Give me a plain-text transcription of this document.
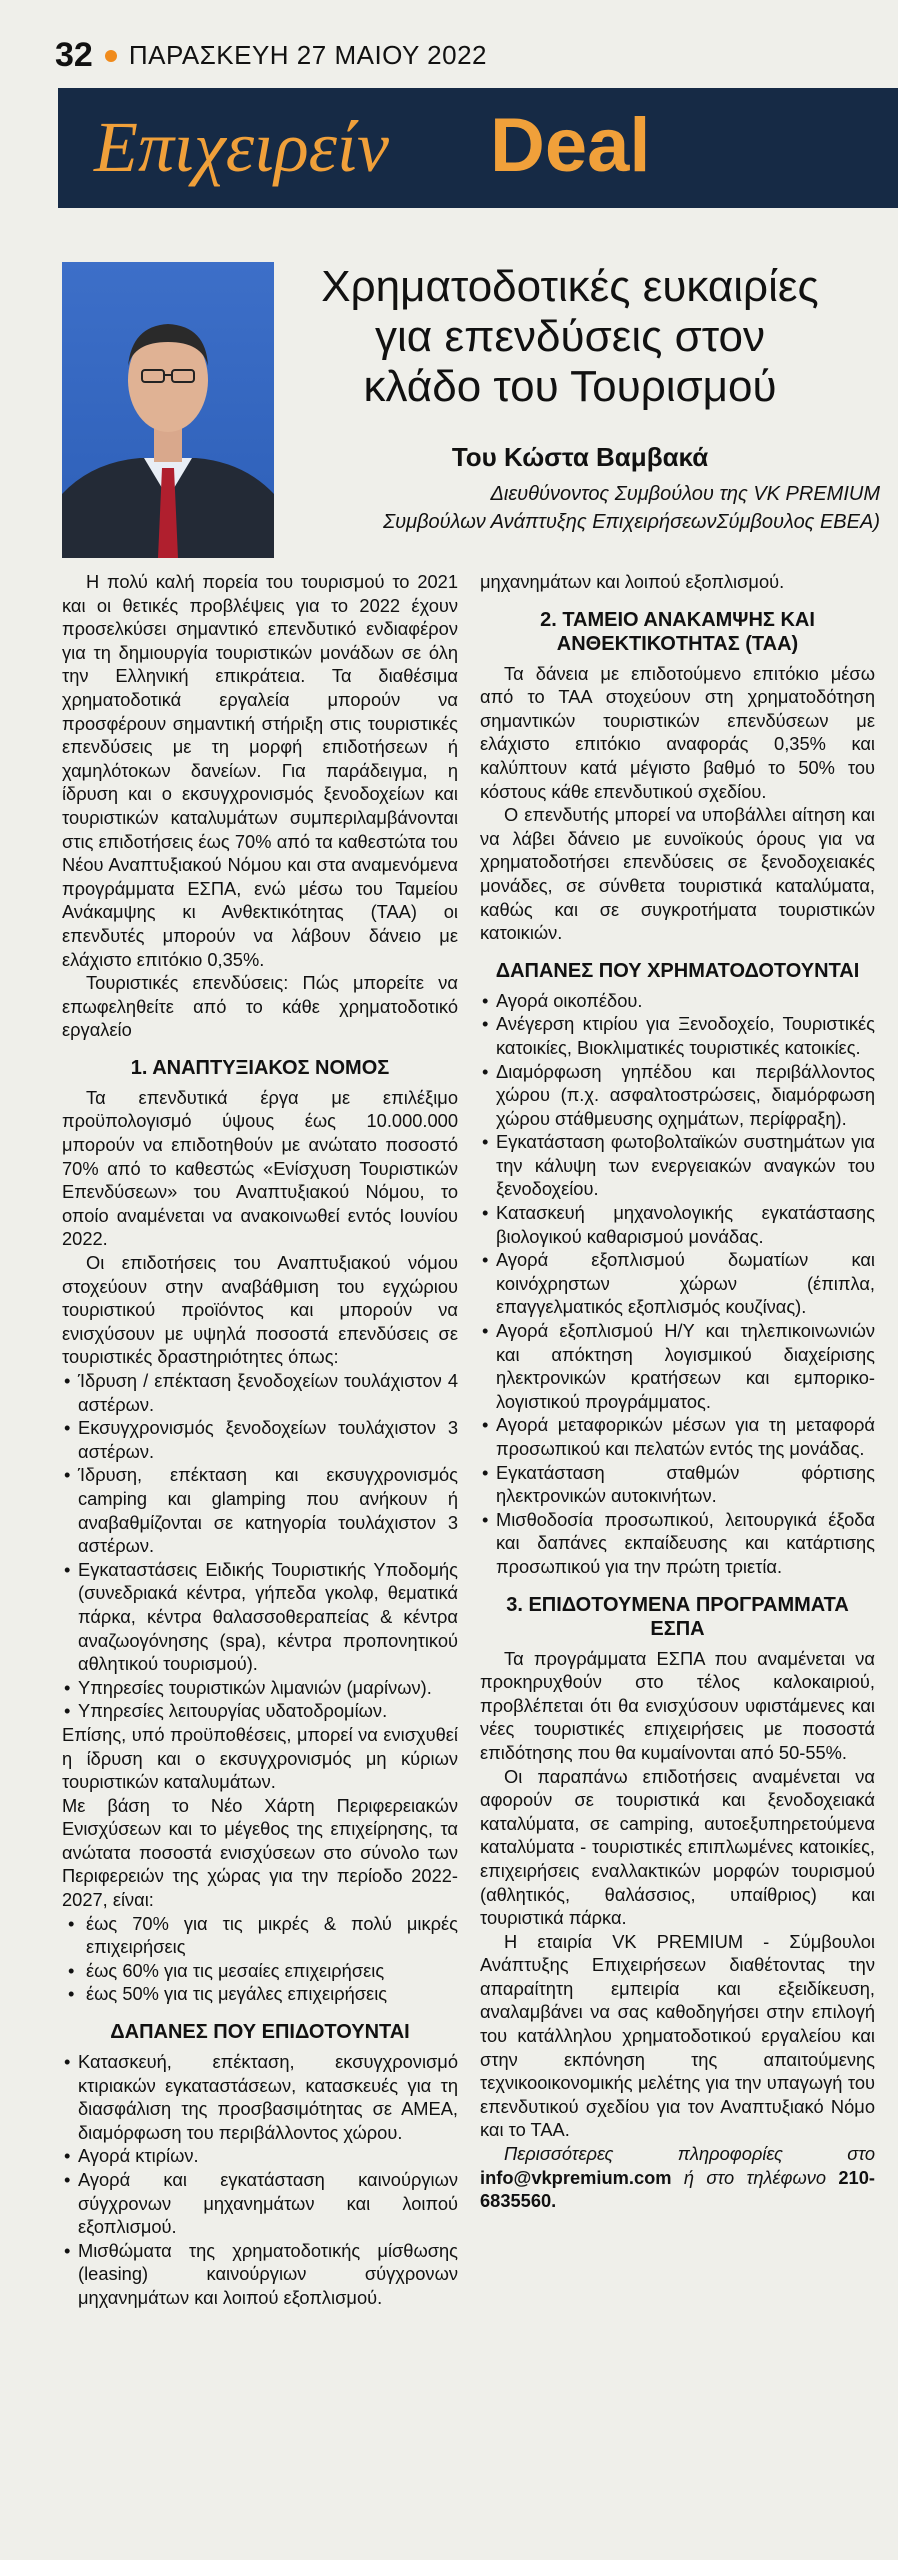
32 ΠΑΡΑΣΚΕΥΗ 27 ΜΑΙΟΥ 2022
Επιχειρείν Deal
Χρηματοδοτικές ευκαιρίες
για επενδύσεις στον
κλάδο του Τουρισμού
Του Κώστα Βαμβακά
Διευθύνοντος Συμβούλου της VK PREMIUM
Συμβούλων Ανάπτυξης ΕπιχειρήσεωνΣύμβουλος ΕΒΕΑ)

Η πολύ καλή πορεία του τουρισμού το 2021 και οι θετικές προβλέψεις για το 2022 έχουν προσελκύσει σημαντικό επενδυτικό ενδιαφέρον για τη δημιουργία τουριστικών μονάδων σε όλη την Ελληνική επικράτεια. Τα διαθέσιμα χρηματοδοτικά εργαλεία μπορούν να προσφέρουν σημαντική στήριξη στις τουριστικές επενδύσεις με τη μορφή επιδοτήσεων ή χαμηλότοκων δανείων. Για παράδειγμα, η ίδρυση και ο εκσυγχρονισμός ξενοδοχείων και τουριστικών καταλυμάτων συμπεριλαμβάνονται στις επιδοτήσεις έως 70% από τα καθεστώτα του Νέου Αναπτυξιακού Νόμου και στα αναμενόμενα προγράμματα ΕΣΠΑ, ενώ μέσω του Ταμείου Ανάκαμψης κι Ανθεκτικότητας (ΤΑΑ) οι επενδυτές μπορούν να λάβουν δάνειο με ελάχιστο επιτόκιο 0,35%.

Τουριστικές επενδύσεις: Πώς μπορείτε να επωφεληθείτε από το κάθε χρηματοδοτικό εργαλείο

1. ΑΝΑΠΤΥΞΙΑΚΟΣ ΝΟΜΟΣ

Τα επενδυτικά έργα με επιλέξιμο προϋπολογισμό ύψους έως 10.000.000 μπορούν να επιδοτηθούν με ανώτατο ποσοστό 70% από το καθεστώς «Ενίσχυση Τουριστικών Επενδύσεων» του Αναπτυξιακού Νόμου, το οποίο αναμένεται να ανακοινωθεί εντός Ιουνίου 2022.

Οι επιδοτήσεις του Αναπτυξιακού νόμου στοχεύουν στην αναβάθμιση του εγχώριου τουριστικού προϊόντος και μπορούν να ενισχύσουν με υψηλά ποσοστά επενδύσεις σε τουριστικές δραστηριότητες όπως:

• Ίδρυση / επέκταση ξενοδοχείων τουλάχιστον 4 αστέρων.
• Εκσυγχρονισμός ξενοδοχείων τουλάχιστον 3 αστέρων.
• Ίδρυση, επέκταση και εκσυγχρονισμός camping και glamping που ανήκουν ή αναβαθμίζονται σε κατηγορία τουλάχιστον 3 αστέρων.
• Εγκαταστάσεις Ειδικής Τουριστικής Υποδομής (συνεδριακά κέντρα, γήπεδα γκολφ, θεματικά πάρκα, κέντρα θαλασσοθεραπείας & κέντρα αναζωογόνησης (spa), κέντρα προπονητικού αθλητικού τουρισμού).
• Υπηρεσίες τουριστικών λιμανιών (μαρίνων).
• Υπηρεσίες λειτουργίας υδατοδρομίων.

Επίσης, υπό προϋποθέσεις, μπορεί να ενισχυθεί η ίδρυση και ο εκσυγχρονισμός μη κύριων τουριστικών καταλυμάτων.

Με βάση το Νέο Χάρτη Περιφερειακών Ενισχύσεων και το μέγεθος της επιχείρησης, τα ανώτατα ποσοστά ενισχύσεων στο σύνολο των Περιφερειών της χώρας για την περίοδο 2022-2027, είναι:

• έως 70% για τις μικρές & πολύ μικρές επιχειρήσεις
• έως 60% για τις μεσαίες επιχειρήσεις
• έως 50% για τις μεγάλες επιχειρήσεις
ΔΑΠΑΝΕΣ ΠΟΥ ΕΠΙΔΟΤΟΥΝΤΑΙ
• Κατασκευή, επέκταση, εκσυγχρονισμό κτιριακών εγκαταστάσεων, κατασκευές για τη διασφάλιση της προσβασιμότητας σε ΑΜΕΑ, διαμόρφωση του περιβάλλοντος χώρου.
• Αγορά κτιρίων.
• Αγορά και εγκατάσταση καινούργιων σύγχρονων μηχανημάτων και λοιπού εξοπλισμού.
• Μισθώματα της χρηματοδοτικής μίσθωσης (leasing) καινούργιων σύγχρονων μηχανημάτων και λοιπού εξοπλισμού.

μηχανημάτων και λοιπού εξοπλισμού.

2. ΤΑΜΕΙΟ ΑΝΑΚΑΜΨΗΣ ΚΑΙ ΑΝΘΕΚΤΙΚΟΤΗΤΑΣ (ΤΑΑ)

Τα δάνεια με επιδοτούμενο επιτόκιο μέσω από το ΤΑΑ στοχεύουν στη χρηματοδότηση σημαντικών τουριστικών επενδύσεων με ελάχιστο επιτόκιο αναφοράς 0,35% και καλύπτουν κατά μέγιστο βαθμό το 50% του κόστους κάθε επενδυτικού σχεδίου.

Ο επενδυτής μπορεί να υποβάλλει αίτηση και να λάβει δάνειο με ευνοϊκούς όρους για να χρηματοδοτήσει επενδύσεις σε ξενοδοχειακές μονάδες, σε σύνθετα τουριστικά καταλύματα, καθώς και σε συγκροτήματα τουριστικών κατοικιών.

ΔΑΠΑΝΕΣ ΠΟΥ ΧΡΗΜΑΤΟΔΟΤΟΥΝΤΑΙ
• Αγορά οικοπέδου.
• Ανέγερση κτιρίου για Ξενοδοχείο, Τουριστικές κατοικίες, Βιοκλιματικές τουριστικές κατοικίες.
• Διαμόρφωση γηπέδου και περιβάλλοντος χώρου (π.χ. ασφαλτοστρώσεις, διαμόρφωση χώρου στάθμευσης οχημάτων, περίφραξη).
• Εγκατάσταση φωτοβολταϊκών συστημάτων για την κάλυψη των ενεργειακών αναγκών του ξενοδοχείου.
• Κατασκευή μηχανολογικής εγκατάστασης βιολογικού καθαρισμού μονάδας.
• Αγορά εξοπλισμού δωματίων και κοινόχρηστων χώρων (έπιπλα, επαγγελματικός εξοπλισμός κουζίνας).
• Αγορά εξοπλισμού Η/Υ και τηλεπικοινωνιών και απόκτηση λογισμικού διαχείρισης ηλεκτρονικών κρατήσεων και εμπορικο-λογιστικού προγράμματος.
• Αγορά μεταφορικών μέσων για τη μεταφορά προσωπικού και πελατών εντός της μονάδας.
• Εγκατάσταση σταθμών φόρτισης ηλεκτρονικών αυτοκινήτων.
• Μισθοδοσία προσωπικού, λειτουργικά έξοδα και δαπάνες εκπαίδευσης και κατάρτισης προσωπικού για την πρώτη τριετία.
3. ΕΠΙΔΟΤΟΥΜΕΝΑ ΠΡΟΓΡΑΜΜΑΤΑ ΕΣΠΑ

Τα προγράμματα ΕΣΠΑ που αναμένεται να προκηρυχθούν στο τέλος καλοκαιριού, προβλέπεται ότι θα ενισχύσουν υφιστάμενες και νέες τουριστικές επιχειρήσεις με ποσοστά επιδότησης που θα κυμαίνονται από 50-55%.

Οι παραπάνω επιδοτήσεις αναμένεται να αφορούν σε τουριστικά και ξενοδοχειακά καταλύματα, σε camping, αυτοεξυπηρετούμενα καταλύματα - τουριστικές επιπλωμένες κατοικίες, επιχειρήσεις εναλλακτικών μορφών τουρισμού (αθλητικός, θαλάσσιος, υπαίθριος) και τουριστικά πάρκα.

Η εταιρία VK PREMIUM - Σύμβουλοι Ανάπτυξης Επιχειρήσεων διαθέτοντας την απαραίτητη εμπειρία και εξειδίκευση, αναλαμβάνει να σας καθοδηγήσει στην επιλογή του κατάλληλου χρηματοδοτικού εργαλείου και στην εκπόνηση της απαιτούμενης τεχνικοοικονομικής μελέτης για την υπαγωγή του επενδυτικού σχεδίου για τον Αναπτυξιακό Νόμο και το ΤΑΑ.

Περισσότερες πληροφορίες στο info@vkpremium.com ή στο τηλέφωνο 210-6835560.
